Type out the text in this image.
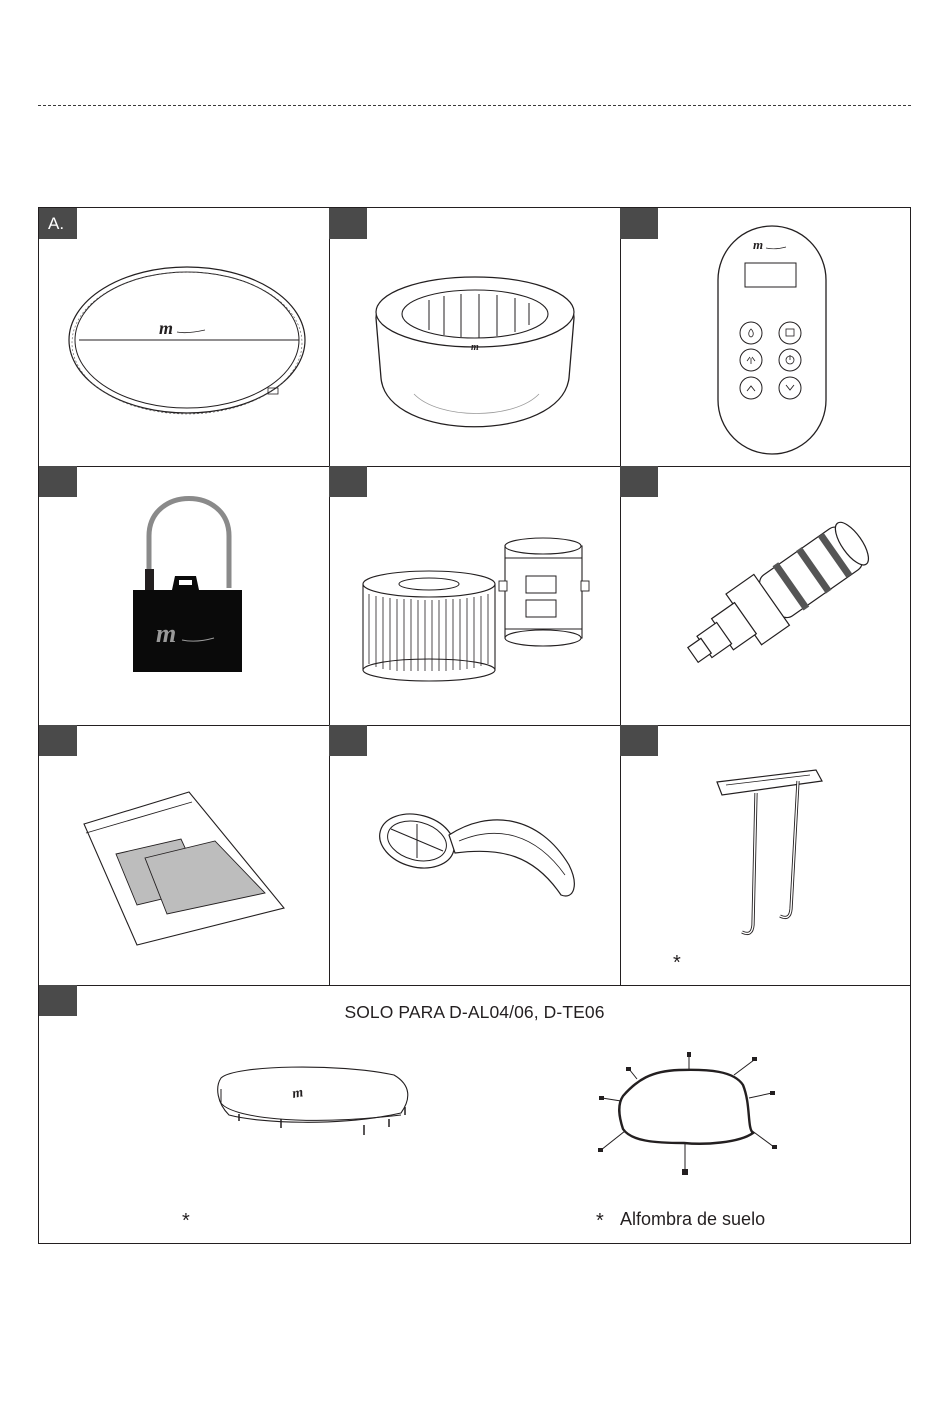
A.
m
m
m
m
*
SOLO PARA D-AL04/06, D-TE06
m
*	* Alfombra de suelo
